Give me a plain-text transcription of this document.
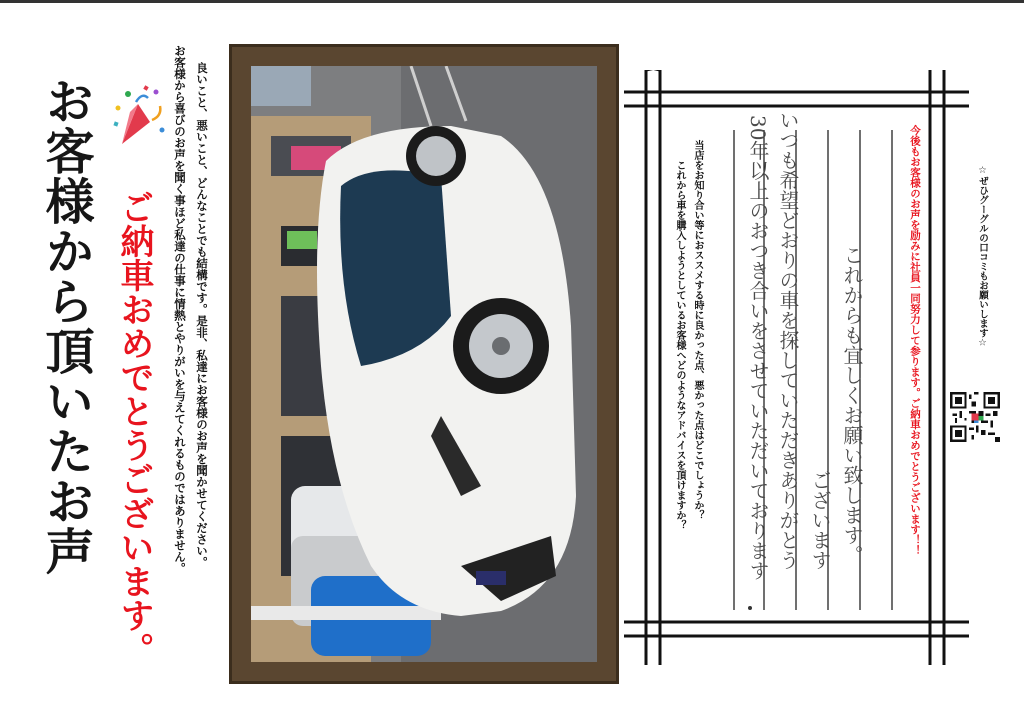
お客様から頂いたお声 ご納車おめでとうございます。 お客様から喜びのお声を聞く事ほど私達の仕事に情熱とやりがいを与えてくれるものではありません。 良いこと、悪いこと、どんなことでも結構です。是非、私達にお客様のお声を聞かせてください。	これから車を購入しようとしているお客様へどのようなアドバイスを頂けますか？ 当店をお知り合い等におススメする時に良かった点、悪かった点はどこでしょうか？ 30年以上のおつき合いをさせていただいております いつも希望どおりの車を探していただきありがとう ございます これからも宜しくお願い致します。	今後もお客様のお声を励みに社員一同努力して参ります。ご納車おめでとうございます！！	☆ぜひグーグルの口コミもお願いします☆
